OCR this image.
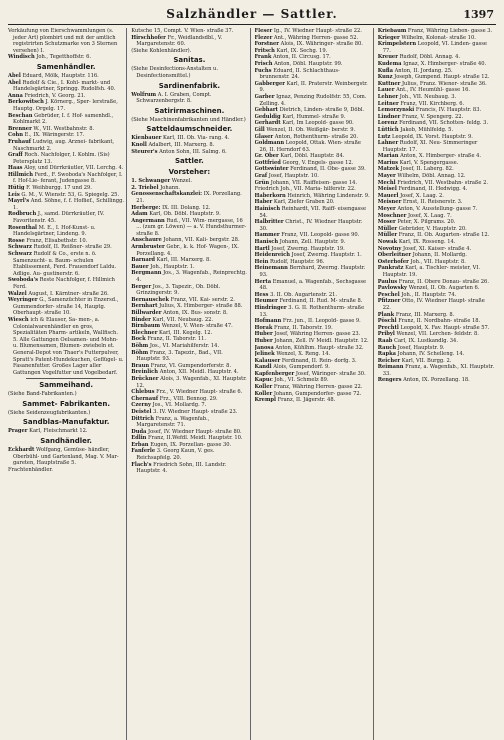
Salzhändler — Sattler.	1397

Verkäufung von Eierschwammlungen (s. jeder Art) plombirt und mit der amtlich registrirten Schutzmarke von 3 Sternen versehen) I.

Windisch Joh., Tegetthoffstr. 6.

Samenhändler.

Abel Eduard, Mölk, Hauptstr. 116.

Abel Rudolf & Cie., I. Kohl- markt- und Handelsgärtner, Springg. Rudolfsh. 40.

Anna Friedrich, V. Georg. 21.

Berkowitsch J. Körnerg., Sper- lerstraße, Hauptg. Orgelg. 17.

Beschan Gebrüder, I. f. Hof- samenhdl., Kohlmarkt 2.

Brenner W., VII. Westbahnstr. 8.

Cohn E., IX. Wäringerstr. 17.

Fruhauf Ludwig, aug. Arznei- fabrikant, Naschmarkt 2.

Graff Roch. Nachfolger, I. Kohlm. (Sis) Petersplatz 13.

Haas Aloy, und Dürrkräutler, VII. Lerchg. 4.

Hillmich Ferd., F. Swoboda's Nachfolger, I. f. Hof-Lie- ferant, Judengasse 8.

Hütig F. Weihburgg. 17 und 29.

Leis G. M., V. Wienstr. 53, G. Spiegelg. 25.

Mayrl's And. Söhne, f. f. Hoflief., Schillingg. 1.

Rodbruch J., samd. Dürrkräutler, IV. Favoritenstr. 45.

Rosenthal M. E., I. Hof-Kunst- u. Handelsgärtner, Lindeng. 9.

Rosse Franz, Elisabethstr. 10.

Schwarz Rudolf, II. Reißner- straße 29.

Schwarz Rudolf & Co., erste n. ö. Samenzucht- u. Baum- schulen Etablissement, Ferd. Frauendorf Laldu. Adlige. Au- gustinerstr. 6.

Swoboda's Reste Nachfolger, f. Hillmich Ferd.

Walzel August, I. Kärntner- straße 26.

Weyringer G., Samenzüchter in Enzersd., Gummendorfer- straße 14, Hauptg. Oberhaupt- straße 10.

Wiesch ich & Elauser, Sa- men-, a. Colonialwarenhändler en gros, Spezialitäten Pharm- artikeln, Wallfisch. 5. Alle Gattungen Oelsamen- und Mohn- u. Blumensamen, Blumen- zwiebeln et. General-Depot von Thaer's Futterpulver, Spratt's Patent-Hundekuchen, Geflügel- u. Fasanenfutter. Großes Lager aller Gattungen Vogelfutter und Vogelbedarf.

Sammeihand.

(Siehe Band-Fabrikanten.)

Sammet- Fabrikanten.

(Siehe Seidenzeugfabrikanten.)

Sandblas-Manufaktur.

Prager Karl, Fleischmarkt 12.

Sandhändler.

Eckhardt Wolfgang, Gemüse- händler, Oberbühl- und Gartenland, Mag. V. Mar- gareten, Hauptstraße 5.

Frachtenhändler.

Kutsche 15, Compt. V. Wien- straße 37.

Hirschhofer Fr., Weidlandsdbl., V. Margaretenstr. 60.

(Siehe Kohlenhändler).

Sanitas.

(Siehe Desinfections-Anstalten u. Desinfectionsmittel.)

Sardinenfabrik.

Wolfrum A. I. Graben, Compt. Schwarzenbergstr. 8.

Satirirmaschinen.

(Siehe Maschinenfabrikanten und Händler.)

Satteldaumschneider.

Kienbauer Karl, III. Ob. Via- rang. 4.

Knoll Adalbert, III. Marxerg. 8.

Steurer's Anton Sohn, III. Salmg. 6.

Sattler.
Vorsteher:

1. Schwanger Wenzel.

2. Triebel Johann.

Genossenschaftskanzlei: IX. Porzellang. 21.

Herberge: IX. III. Dolang. 12.

Adam Karl, Ob. Döbl. Hauptstr. 9.

Angermann Rud., VII. Wim- mergasse, 16 ... (zum gr. Löwen) — a. V. Hundsthurmer- straße 8.

Anschaure Johann, VII. Kali- bergstr. 28.

Armbruster Gebr., k. k. Hof- Wagen-, IX. Porzellang. 4.

Barnard Karl, III. Marxerg. 8.

Bauer Joh., Hauptstr. 1.

Bergmann Jos., 3. Wagenfab., Reinprechtg. 4.

Berger Jos., 3. Tapezir., Ob. Döbl. Grinzingerstr. 9.

Bernauschek Franz, VII. Kai- serstr. 2.

Bernhart Julius, X. Himberger- straße 88.

Billwarder Anton, IX. Bus- sonstr. 8.

Binder Karl, VII. Neubaug. 22.

Birnbaum Wenzel, V. Wien- straße 47.

Blechner Karl, III. Kegelg. 12.

Bock Franz, II. Taborstr. 11.

Böhm Jos., VI. Mariahilferstr. 14.

Böhm Franz, 3. Tapezir., Bad., VII. Hauptstr. 93.

Braun Franz, VI. Gumpendorferstr. 8.

Breinlich Anton, XII. Meidl. Hauptstr. 4.

Brückner Alois, 3. Wagenfab., XI. Hauptstr. 12.

Chlebus Frz., V. Wiedner Haupt- straße 6.

Chernauf Frz., VIII. Bennog. 29.

Czerny Jos., VI. Mollardg. 7.

Deistel 3. IV. Wiedner Haupt- straße 23.

Dittrich Franz, a. Wagenfab., Margaretenstr. 71.

Duda Josef, IV. Wiedner Haupt- straße 80.

Edlin Franz, II.Wefdl. Meidl. Hauptstr. 10.

Erban Eugen, IX. Porzellan- gasse 30.

Fanferle 3. Georg Kaun, V. ges. Reichsapfelg. 20.

Flach's Friedrich Sohn, III. Landstr. Hauptstr. 4.

Fleser Ig., IV. Wiedner Haupt- straße 22.

Flezer Ant., Währing Herren- gasse 52.

Forstner Alois, IX. Währinger- straße 80.

Fritsch Karl, IX. Sechg. 19.

Frank Anton, II. Circusg. 17.

Frisch Anton, Döbl. Hauptstr. 99.

Fuchs Eduard, II. Schlachthaus- brunnenstr. 24.

Gabberger Karl, II. Praterstr. Weinbergstr. 9.

Garber Ignaz, Penzing Rudolfstr. 55, Com. Zelling. 4.

Gebhart Dietrich, Linden- straße 9, Döbl.

Geduldig Karl, Hummel- straße 9.

Gerhardt Karl, Im Leopold- gasse 90.

Gill Wenzel, II. Ob. Weißgär- berstr. 9.

Glaser Anton, Rothenthurm- straße 20.

Goldmann Leopold, Ottak. Wien- straße 26, II. Herndorf 63.

Gr. Ober Karl, Döbl. Hauptstr. 84.

Gottfried Georg, V. Engels- gasse 12.

Gottswinter Ferdinand, II. Obe- gasse 39.

Graf Josef, Hauptstr. 10.

Grün Johann, VII. Raiffeisen- gasse 14.

Friedrich Joh., VII. Maria- hilferstr. 22.

Haberkorn Heinrich, Währing Lindenstr. 9.

Haber Karl, Ziefer Graben 20.

Hainisch Reinhardt, VII. Raiff- eisengasse 54.

Halbritter Christ., IV. Wiedner Hauptstr. 30.

Hammer Franz, VII. Leopold- gasse 90.

Hanisch Johann, Zell. Hauptstr. 9.

Hartl Josef, Zwerng. Hauptstr. 19.

Heidenreich Josef, Zwerng. Hauptstr. 1.

Hein Rudolf, Hauptstr. 96.

Heinemann Bernhard, Zwerng. Hauptstr. 93.

Herta Emanuel, a. Wagenfab., Sechsgasse 48.

Hess 3. II. Ob. Augartenstr. 21.

Heumer Ferdinand, II. Rud. M- straße 8.

Hindringer 3. G. II. Rothenthurm- straße 13.

Hofmann Frz. jun., II. Leopold- gasse 9.

Horak Franz, II. Taborstr. 19.

Huber Josef, Währing Herren- gasse 23.

Huber Johann, Zell. IV Meidl. Hauptstr. 12.

Janosa Anton, Kühlhm. Haupt- straße 32.

Jelinek Wenzel, X. Reng. 14.

Kalauser Ferdinand, II. Rein- dorfg. 3.

Kandl Alois, Gumpendorf. 9.

Kapfenberger Josef, Wäringer- straße 30.

Kapuc Joh., VI. Schmelz 89.

Koller Franz, Währing Herren- gasse 22.

Koller Johann, Gumpendorfer- gasse 72.

Krempl Franz, II. Jägerstr. 48.

Kriebaum Franz, Währing Lieben- gasse 3.

Krieger Wilhelm, Kolonat- straße 10.

Krimpelstern Leopold, VI. Linden- gasse 77.

Kreuer Rudolf, Döbl. Annag. 4.

Kudema Ignaz, X. Himberger- straße 40.

Kufla Anton, II. Jordang. 25.

Kunz Joseph, Gumpend. Haupt- straße 12.

Kuttner Julius, Franz. Wiener- straße 36.

Lauer Ant., IV. Heumühl- gasse 16.

Lehner Joh., VII. Neubaug. 3.

Leitner Franz, VII. Kirchberg. 6.

Lemorzynski Francis, IV. Hauptstr. 83.

Lindner Franz, V. Spengerg. 22.

Lorenz Ferdinand, VII. Schotten- feldg. 3.

Lüttich Jakob, Mühlfeldg. 5.

Lutz Leopold, IX. Vorst. Hauptstr. 9.

Lahner Rudolf, XI. Neu- Simmeringer Hauptstr. 17.

Marian Anton, X. Himberger- straße 4.

Marius Karl, V. Spengergasse.

Matzek Josef, II. Laberg. 82.

Mayer Wilhelm, Döbl. Annag. 12.

Mechl Friedrich, VII. Westbahn- straße 2.

Meisel Ferdinand, II. Hedwigg. 4.

Mauerl Josef, X. Laag. 2.

Meisner Ernst, II. Reisnerstr. 3.

Meyer Anton, V. Ausstellung- gasse 7.

Moschner Josef, X. Laag. 7.

Moser Peter, X. Pilgrams. 20.

Müller Gebrüder, V. Hauptstr. 20.

Müller Franz, II. Ob. Augarten- straße 12.

Nowak Karl, IX. Rosseng. 14.

Novotny Josef, XI. Kaiser- straße 4.

Oberleitner Johann, II. Mollardg.

Osterhofer Joh., VII. Hauptstr. 8.

Pankratz Karl, a. Tischler- meister, VI. Hauptstr. 19.

Paulus Franz, II. Obere Donau- straße 26.

Pavlowsky Wenzel, II. Ob. Augarten 6.

Peschel Joh., II. Hauptstr. 74.

Pfitzner Otto, IV. Wiedner Haupt- straße 22.

Plank Franz, III. Marxerg. 8.

Pöschl Franz, II. Nordbahn- straße 18.

Prechtl Leopold, X. Fav. Haupt- straße 57.

Pribyl Wenzel, VII. Lerchen- feldstr. 8.

Raab Carl, IX. Lustkandlg. 34.

Rauch Josef, Hauptstr. 9.

Rapka Johann, IV. Schelleng. 14.

Reicher Karl, VII. Burgg. 2.

Reimann Franz, a. Wagenfab., XI. Hauptstr. 33.

Rengers Anton, IX. Porzellang. 18.
